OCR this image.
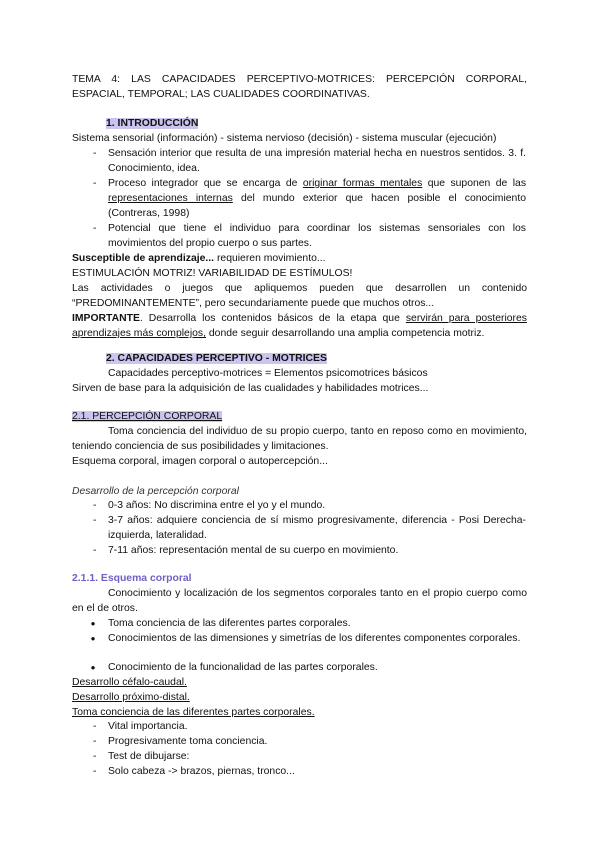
TEMA 4: LAS CAPACIDADES PERCEPTIVO-MOTRICES: PERCEPCIÓN CORPORAL, ESPACIAL, TEMPORAL; LAS CUALIDADES COORDINATIVAS.
1. INTRODUCCIÓN
Sistema sensorial (información) - sistema nervioso (decisión) - sistema muscular (ejecución)
- Sensación interior que resulta de una impresión material hecha en nuestros sentidos. 3. f. Conocimiento, idea.
- Proceso integrador que se encarga de originar formas mentales que suponen de las representaciones internas del mundo exterior que hacen posible el conocimiento (Contreras, 1998)
- Potencial que tiene el individuo para coordinar los sistemas sensoriales con los movimientos del propio cuerpo o sus partes.
Susceptible de aprendizaje... requieren movimiento...
ESTIMULACIÓN MOTRIZ! VARIABILIDAD DE ESTÍMULOS!
Las actividades o juegos que apliquemos pueden que desarrollen un contenido “PREDOMINANTEMENTE”, pero secundariamente puede que muchos otros...
IMPORTANTE. Desarrolla los contenidos básicos de la etapa que servirán para posteriores aprendizajes más complejos, donde seguir desarrollando una amplia competencia motriz.
2. CAPACIDADES PERCEPTIVO - MOTRICES
Capacidades perceptivo-motrices = Elementos psicomotrices básicos
Sirven de base para la adquisición de las cualidades y habilidades motrices...
2.1. PERCEPCIÓN CORPORAL
Toma conciencia del individuo de su propio cuerpo, tanto en reposo como en movimiento, teniendo conciencia de sus posibilidades y limitaciones.
Esquema corporal, imagen corporal o autopercepción...
Desarrollo de la percepción corporal
- 0-3 años: No discrimina entre el yo y el mundo.
- 3-7 años: adquiere conciencia de sí mismo progresivamente, diferencia - Posi Derecha-izquierda, lateralidad.
- 7-11 años: representación mental de su cuerpo en movimiento.
2.1.1. Esquema corporal
Conocimiento y localización de los segmentos corporales tanto en el propio cuerpo como en el de otros.
●	Toma conciencia de las diferentes partes corporales.
●	Conocimientos de las dimensiones y simetrías de los diferentes componentes corporales.
●	Conocimiento de la funcionalidad de las partes corporales.
Desarrollo céfalo-caudal.
Desarrollo próximo-distal.
Toma conciencia de las diferentes partes corporales.
- Vital importancia.
- Progresivamente toma conciencia.
- Test de dibujarse:
- Solo cabeza -> brazos, piernas, tronco...
